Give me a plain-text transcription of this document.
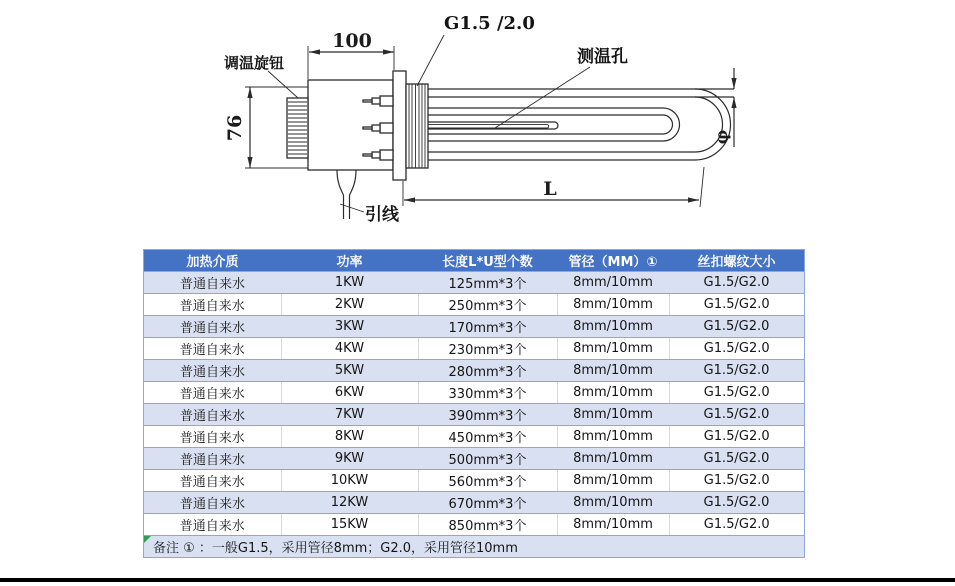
100
76	φ
L
调温旋钮
G1.5 /2.0
测温孔
引线
加热介质	功率	长度L*U型个数	管径（MM）①	丝扣螺纹大小
普通自来水	1KW	125mm*3个	8mm/10mm	G1.5/G2.0
普通自来水	2KW	250mm*3个	8mm/10mm	G1.5/G2.0
普通自来水	3KW	170mm*3个	8mm/10mm	G1.5/G2.0
普通自来水	4KW	230mm*3个	8mm/10mm	G1.5/G2.0
普通自来水	5KW	280mm*3个	8mm/10mm	G1.5/G2.0
普通自来水	6KW	330mm*3个	8mm/10mm	G1.5/G2.0
普通自来水	7KW	390mm*3个	8mm/10mm	G1.5/G2.0
普通自来水	8KW	450mm*3个	8mm/10mm	G1.5/G2.0
普通自来水	9KW	500mm*3个	8mm/10mm	G1.5/G2.0
普通自来水	10KW	560mm*3个	8mm/10mm	G1.5/G2.0
普通自来水	12KW	670mm*3个	8mm/10mm	G1.5/G2.0
普通自来水	15KW	850mm*3个	8mm/10mm	G1.5/G2.0

备注 ① ：一般G1.5，采用管径8mm；G2.0，采用管径10mm				
